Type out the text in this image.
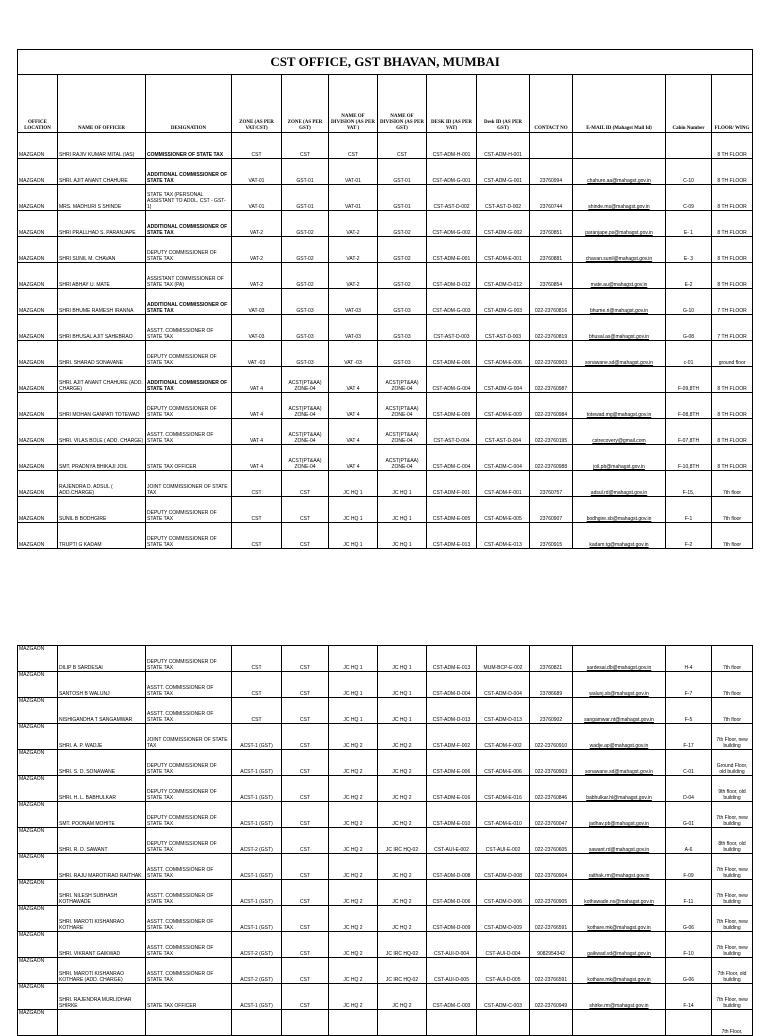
CST OFFICE, GST BHAVAN, MUMBAI												
OFFICE LOCATION	NAME OF OFFICER	DESIGNATION	ZONE (AS PER VAT/CST)	ZONE (AS PER GST)	NAME OF DIVISION (AS PER VAT )	NAME OF DIVISION (AS PER GST)	DESK ID (AS PER VAT)	Desk ID (AS PER GST)	CONTACT NO	E-MAIL ID (Mahagst Mail Id)	Cabin Number	FLOOR/ WING
MAZGAON	SHRI RAJIV KUMAR MITAL (IAS)	COMMISSIONER OF STATE TAX	CST	CST	CST	CST	CST-ADM-H-001	CST-ADM-H-001				8 TH FLOOR
MAZGAON	SHRI. AJIT ANANT CHAHURE	ADDITIONAL COMMISSIONER OF STATE TAX	VAT-01	GST-01	VAT-01	GST-01	CST-ADM-G-001	CST-ADM-G-001	23760994	chahure.aa@mahagst.gov.in	C-10	8 TH FLOOR
MAZGAON	MRS. MADHURI S SHINDE	STATE TAX (PERSONAL ASSISTANT TO ADDL. CST - GST-1)	VAT-01	GST-01	VAT-01	GST-01	CST-AST-D-002	CST-AST-D-002	23760744	shinde.ms@mahagst.gov.in	C-09	8 TH FLOOR
MAZGAON	SHRI PRALLHAD S. PARANJAPE	ADDITIONAL COMMISSIONER OF STATE TAX	VAT-2	GST-02	VAT-2	GST-02	CST-ADM-G-002	CST-ADM-G-002	23760851	paranjape.ps@mahagst.gov.in	E- 1	8 TH FLOOR
MAZGAON	SHRI SUNIL M. CHAVAN	DEPUTY COMMISSIONER OF STATE TAX	VAT-2	GST-02	VAT-2	GST-02	CST-ADM-E-001	CST-ADM-E-001	23760881	chavan.sunil@mahagst.gov.in	E- 3	8 TH FLOOR
MAZGAON	SHRI ABHAY U. MATE	ASSISTANT COMMISSIONER OF STATE TAX (PA)	VAT-2	GST-02	VAT-2	GST-02	CST-ADM-D-012	CST-ADM-D-012	23760854	mate.au@mahagst.gov.in	E-2	8 TH FLOOR
MAZGAON	SHRI BHUME RAMESH IRANNA	ADDITIONAL COMMISSIONER OF STATE TAX	VAT-03	GST-03	VAT-03	GST-03	CST-ADM-G-003	CST-ADM-G-003	022-23760816	bhume.ri@mahagst.gov.in	G-10	7 TH FLOOR
MAZGAON	SHRI BHUSAL AJIT SAHEBRAO	ASSTT. COMMISSIONER OF STATE TAX	VAT-03	GST-03	VAT-03	GST-03	CST-AST-D-003	CST-AST-D-003	022-23760819	bhusal.as@mahagst.gov.in	G-08	7 TH FLOOR
MAZGAON	SHRI. SHARAD SONAVANE	DEPUTY COMMISSIONER OF STATE TAX	VAT -03	GST-03	VAT -03	GST-03	CST-ADM-E-006	CST-ADM-E-006	022-23760903	sonawane.sd@mahagst.gov.in	c-01	ground floor
MAZGAON	SHRI. AJIT ANANT CHAHURE (ADD. CHARGE)	ADDITIONAL COMMISSIONER OF STATE TAX	VAT 4	ACST(PT&AA) ZONE-04	VAT 4	ACST(PT&AA) ZONE-04	CST-ADM-G-004	CST-ADM-G-004	022-23760987		F-09,8TH	8 TH FLOOR
MAZGAON	SHRI MOHAN GANPATI TOTEWAD	DEPUTY COMMISSIONER OF STATE TAX	VAT 4	ACST(PT&AA) ZONE-04	VAT 4	ACST(PT&AA) ZONE-04	CST-ADM-E-009	CST-ADM-E-009	022-23760984	totewad.mg@mahagst.gov.in	F-08,8TH	8 TH FLOOR
MAZGAON	SHRI. VILAS BOLE ( ADD. CHARGE)	ASSTT. COMMISSIONER OF STATE TAX	VAT 4	ACST(PT&AA) ZONE-04	VAT 4	ACST(PT&AA) ZONE-04	CST-AST-D-004	CST-AST-D-004	022-23760195	cstrecovery@gmail.com	F-07,8TH	8 TH FLOOR
MAZGAON	SMT. PRADNYA BHIKAJI JOIL	STATE TAX OFFICER	VAT 4	ACST(PT&AA) ZONE-04	VAT 4	ACST(PT&AA) ZONE-04	CST-ADM-C-004	CST-ADM-C-004	022-23760988	joil.pb@mahagst.gov.in	F-10,8TH	8 TH FLOOR
MAZGAON	RAJENDRA D. ADSUL ( ADD.CHARGE)	JOINT COMMISSIONER OF STATE TAX	CST	CST	JC HQ 1	JC HQ 1	CST-ADM-F-001	CST-ADM-F-001	23760757	adsul.rd@mahagst.gov.in	F-15,	7th floor
MAZGAON	SUNIL B BODHGIRE	DEPUTY COMMISSIONER OF STATE TAX	CST	CST	JC HQ 1	JC HQ 1	CST-ADM-E-005	CST-ADM-E-005	23760907	bodhgire.sb@mahagst.gov.in	F-1	7th floor
MAZGAON	TRUPTI G KADAM	DEPUTY COMMISSIONER OF STATE TAX	CST	CST	JC HQ 1	JC HQ 1	CST-ADM-E-013	CST-ADM-E-013	23760915	kadam.tg@mahagst.gov.in	F-2	7th floor
MAZGAON	DILIP B SARDESAI	DEPUTY COMMISSIONER OF STATE TAX	CST	CST	JC HQ 1	JC HQ 1	CST-ADM-E-013	MUM-BCP-E-002	23760821	sardesai.db@mahagst.gov.in	H-4	7th floor
MAZGAON	SANTOSH B WALUNJ	ASSTT. COMMISSIONER OF STATE TAX	CST	CST	JC HQ 1	JC HQ 1	CST-ADM-D-004	CST-ADM-D-004	23786689	walunj.sb@mahagst.gov.in	F-7	7th floor
MAZGAON	NISHIGANDHA T SANGAMWAR	ASSTT. COMMISSIONER OF STATE TAX	CST	CST	JC HQ 1	JC HQ 1	CST-ADM-D-013	CST-ADM-D-013	23760902	sangamwar.nt@mahagst.gov.in	F-5	7th floor
MAZGAON	SHRI. A. P. WADJE	JOINT COMMISSIONER OF STATE TAX	ACST-1 (GST)	CST	JC HQ 2	JC HQ 2	CST-ADM-F-002	CST-ADM-F-002	022-23760910	wadje.ap@mahagst.gov.in	F-17	7th Floor, new building
MAZGAON	SHRI. S. D. SONAWANE	DEPUTY COMMISSIONER OF STATE TAX	ACST-1 (GST)	CST	JC HQ 2	JC HQ 2	CST-ADM-E-006	CST-ADM-E-006	022-23760903	sonawane.sd@mahagst.gov.in	C-01	Ground Floor, old building
MAZGAON	SHRI. H. L. BABHULKAR	DEPUTY COMMISSIONER OF STATE TAX	ACST-1 (GST)	CST	JC HQ 2	JC HQ 2	CST-ADM-E-016	CST-ADM-E-016	022-23760846	babhulkar.hl@mahagst.gov.in	D-04	9th floor, old building
MAZGAON	SMT. POONAM MOHITE	DEPUTY COMMISSIONER OF STATE TAX	ACST-1 (GST)	CST	JC HQ 2	JC HQ 2	CST-ADM-E-010	CST-ADM-E-010	022-23760047	jadhav.pb@mahagst.gov.in	G-01	7th Floor, new building
MAZGAON	SHRI. R. D. SAWANT	DEPUTY COMMISSIONER OF STATE TAX	ACST-2 (GST)	CST	JC HQ 2	JC IRC HQ-02	CST-AUI-E-002	CST-AUI-E-002	022-23760605	sawant.rd@mahagst.gov.in	A-6	8th floor, old building
MAZGAON	SHRI. RAJU MAROTIRAO RAITHAK	ASSTT. COMMISSIONER OF STATE TAX	ACST-1 (GST)	CST	JC HQ 2	JC HQ 2	CST-ADM-D-008	CST-ADM-D-008	022-23760904	raithak.rm@mahagst.gov.in	F-09	7th Floor, new building
MAZGAON	SHRI. NILESH SUBHASH KOTHAWADE	ASSTT. COMMISSIONER OF STATE TAX	ACST-1 (GST)	CST	JC HQ 2	JC HQ 2	CST-ADM-D-006	CST-ADM-D-006	022-23760905	kothawade.ns@mahagst.gov.in	F-11	7th Floor, new building
MAZGAON	SHRI. MAROTI KISHANRAO KOTHARE	ASSTT. COMMISSIONER OF STATE TAX	ACST-1 (GST)	CST	JC HQ 2	JC HQ 2	CST-ADM-D-009	CST-ADM-D-009	022-23766591	kothare.mk@mahagst.gov.in	G-06	7th Floor, new building
MAZGAON	SHRI. VIKRANT GAIKWAD	ASSTT. COMMISSIONER OF STATE TAX	ACST-2 (GST)	CST	JC HQ 2	JC IRC HQ-02	CST-AUI-D-004	CST-AUI-D-004	9082954342	gaikwad.vd@mahagst.gov.in	F-10	7th Floor, new building
MAZGAON	SHRI. MAROTI KISHANRAO KOTHARE (ADD. CHARGE)	ASSTT. COMMISSIONER OF STATE TAX	ACST-2 (GST)	CST	JC HQ 2	JC IRC HQ-02	CST-AUI-D-005	CST-AUI-D-005	022-23766591	kothare.mk@mahagst.gov.in	G-06	7th Floor, old building
MAZGAON	SHRI. RAJENDRA MURLIDHAR SHIRKE	STATE TAX OFFICER	ACST-1 (GST)	CST	JC HQ 2	JC HQ 2	CST-ADM-C-003	CST-ADM-C-003	022-23760949	shirke.rm@mahagst.gov.in	F-14	7th Floor, new building
MAZGAON												7th Floor,
